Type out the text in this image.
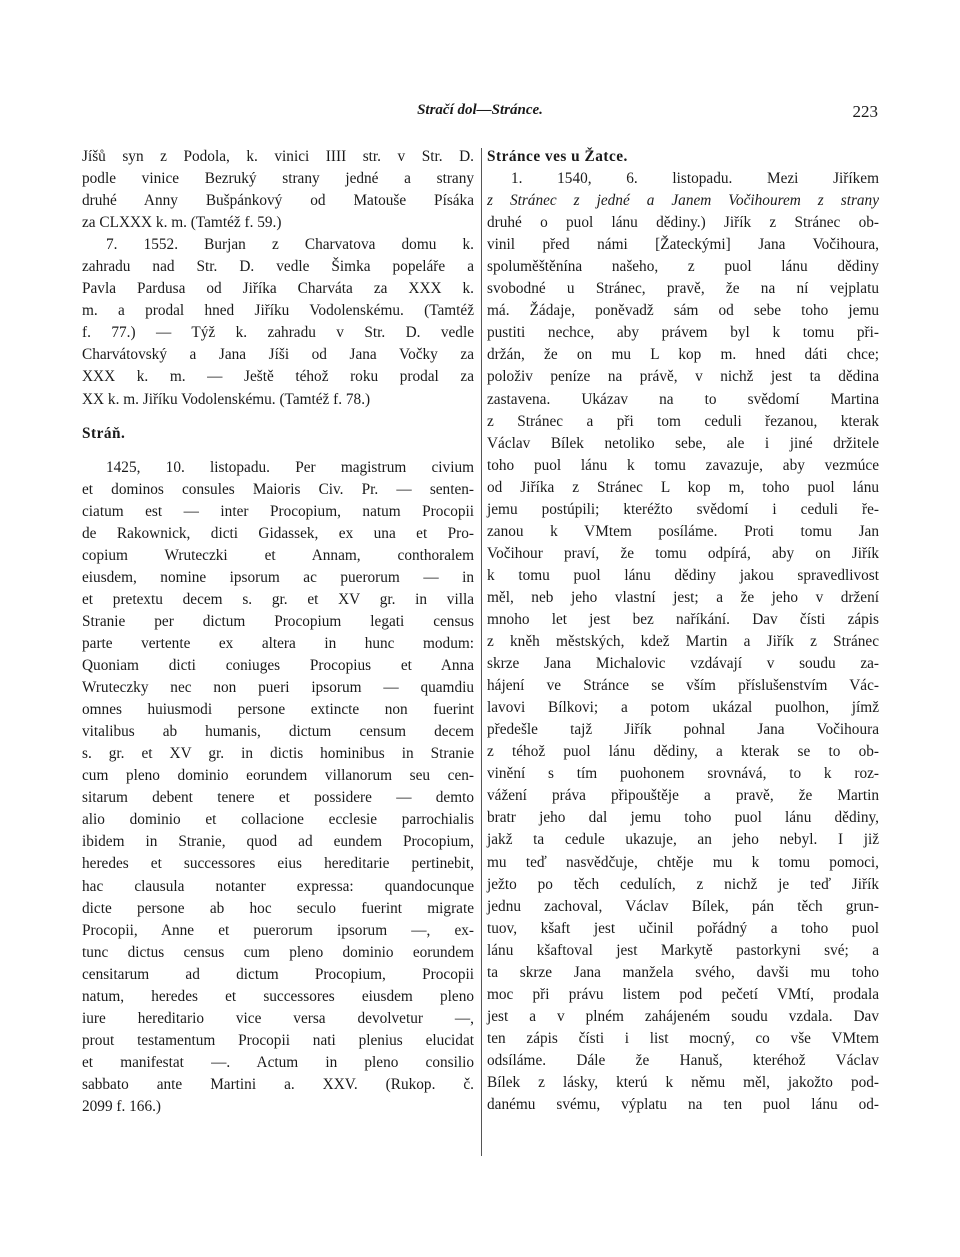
Stračí dol—Stránce.	223
Jíšů syn z Podola, k. vinici IIII str. v Str. D.
podle vinice Bezruký strany jedné a strany
druhé Anny Bušpánkový od Matouše Písáka
za CLXXX k. m. (Tamtéž f. 59.)
7. 1552. Burjan z Charvatova domu k.
zahradu nad Str. D. vedle Šimka popeláře a
Pavla Pardusa od Jiříka Charváta za XXX k.
m. a prodal hned Jiříku Vodolenskému. (Tamtéž
f. 77.) — Týž k. zahradu v Str. D. vedle
Charvátovský a Jana Jíši od Jana Vočky za
XXX k. m. — Ještě téhož roku prodal za
XX k. m. Jiříku Vodolenskému. (Tamtéž f. 78.)
Stráň.
1425, 10. listopadu. Per magistrum civium
et dominos consules Maioris Civ. Pr. — senten-
ciatum est — inter Procopium, natum Procopii
de Rakownick, dicti Gidassek, ex una et Pro-
copium Wruteczki et Annam, conthoralem
eiusdem, nomine ipsorum ac puerorum — in
et pretextu decem s. gr. et XV gr. in villa
Stranie per dictum Procopium legati census
parte vertente ex altera in hunc modum:
Quoniam dicti coniuges Procopius et Anna
Wruteczky nec non pueri ipsorum — quamdiu
omnes huiusmodi persone extincte non fuerint
vitalibus ab humanis, dictum censum decem
s. gr. et XV gr. in dictis hominibus in Stranie
cum pleno dominio eorundem villanorum seu cen-
sitarum debent tenere et possidere — demto
alio dominio et collacione ecclesie parrochialis
ibidem in Stranie, quod ad eundem Procopium,
heredes et successores eius hereditarie pertinebit,
hac clausula notanter expressa: quandocunque
dicte persone ab hoc seculo fuerint migrate
Procopii, Anne et puerorum ipsorum —, ex-
tunc dictus census cum pleno dominio eorundem
censitarum ad dictum Procopium, Procopii
natum, heredes et successores eiusdem pleno
iure hereditario vice versa devolvetur —,
prout testamentum Procopii nati plenius elucidat
et manifestat —. Actum in pleno consilio
sabbato ante Martini a. XXV. (Rukop. č.
2099 f. 166.)
Stránce ves u Žatce.
1. 1540, 6. listopadu. Mezi Jiříkem
z Stránec z jedné a Janem Vočihourem z strany
druhé o puol lánu dědiny.) Jiřík z Stránec ob-
vinil před námi [Žateckými] Jana Vočihoura,
spoluměštěnína našeho, z puol lánu dědiny
svobodné u Stránec, pravě, že na ní vejplatu
má. Žádaje, poněvadž sám od sebe toho jemu
pustiti nechce, aby právem byl k tomu při-
držán, že on mu L kop m. hned dáti chce;
položiv peníze na právě, v nichž jest ta dědina
zastavena. Ukázav na to svědomí Martina
z Stránec a při tom ceduli řezanou, kterak
Václav Bílek netoliko sebe, ale i jiné držitele
toho puol lánu k tomu zavazuje, aby vezmúce
od Jiříka z Stránec L kop m, toho puol lánu
jemu postúpili; kteréžto svědomí i ceduli ře-
zanou k VMtem posíláme. Proti tomu Jan
Vočihour praví, že tomu odpírá, aby on Jiřík
k tomu puol lánu dědiny jakou spravedlivost
měl, neb jeho vlastní jest; a že jeho v držení
mnoho let jest bez naříkání. Dav čísti zápis
z kněh městských, kdež Martin a Jiřík z Stránec
skrze Jana Michalovic vzdávají v soudu za-
hájení ve Stránce se vším příslušenstvím Vác-
lavovi Bílkovi; a potom ukázal puolhon, jímž
předešle tajž Jiřík pohnal Jana Vočihoura
z téhož puol lánu dědiny, a kterak se to ob-
vinění s tím puohonem srovnává, to k roz-
vážení práva připouštěje a pravě, že Martin
bratr jeho dal jemu toho puol lánu dědiny,
jakž ta cedule ukazuje, an jeho nebyl. I již
mu teď nasvědčuje, chtěje mu k tomu pomoci,
ježto po těch cedulích, z nichž je teď Jiřík
jednu zachoval, Václav Bílek, pán těch grun-
tuov, kšaft jest učinil pořádný a toho puol
lánu kšaftoval jest Markytě pastorkyni své; a
ta skrze Jana manžela svého, davši mu toho
moc při právu listem pod pečetí VMtí, prodala
jest a v plném zahájeném soudu vzdala. Dav
ten zápis čísti i list mocný, co vše VMtem
odsíláme. Dále že Hanuš, kteréhož Václav
Bílek z lásky, kterú k němu měl, jakožto pod-
danému svému, výplatu na ten puol lánu od-
